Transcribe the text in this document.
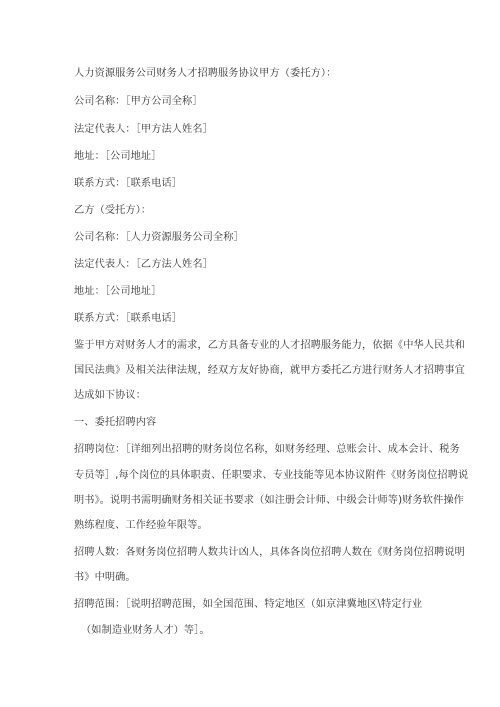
人力资源服务公司财务人才招聘服务协议甲方（委托方）：
公司名称：［甲方公司全称］
法定代表人：［甲方法人姓名］
地址：［公司地址］
联系方式：［联系电话］
乙方（受托方）：
公司名称：［人力资源服务公司全称］
法定代表人：［乙方法人姓名］
地址：［公司地址］
联系方式：［联系电话］
鉴于甲方对财务人才的需求，乙方具备专业的人才招聘服务能力，依据《中华人民共和
国民法典》及相关法律法规，经双方友好协商，就甲方委托乙方进行财务人才招聘事宜
达成如下协议：
一、委托招聘内容
招聘岗位：［详细列出招聘的财务岗位名称，如财务经理、总账会计、成本会计、税务
专员等］,每个岗位的具体职责、任职要求、专业技能等见本协议附件《财务岗位招聘说
明书》。说明书需明确财务相关证书要求（如注册会计师、中级会计师等)财务软件操作
熟练程度、工作经验年限等。
招聘人数：各财务岗位招聘人数共计凶人，具体各岗位招聘人数在《财务岗位招聘说明
书》中明确。
招聘范围：［说明招聘范围，如全国范围、特定地区（如京津冀地区\特定行业
（如制造业财务人才）等］。
